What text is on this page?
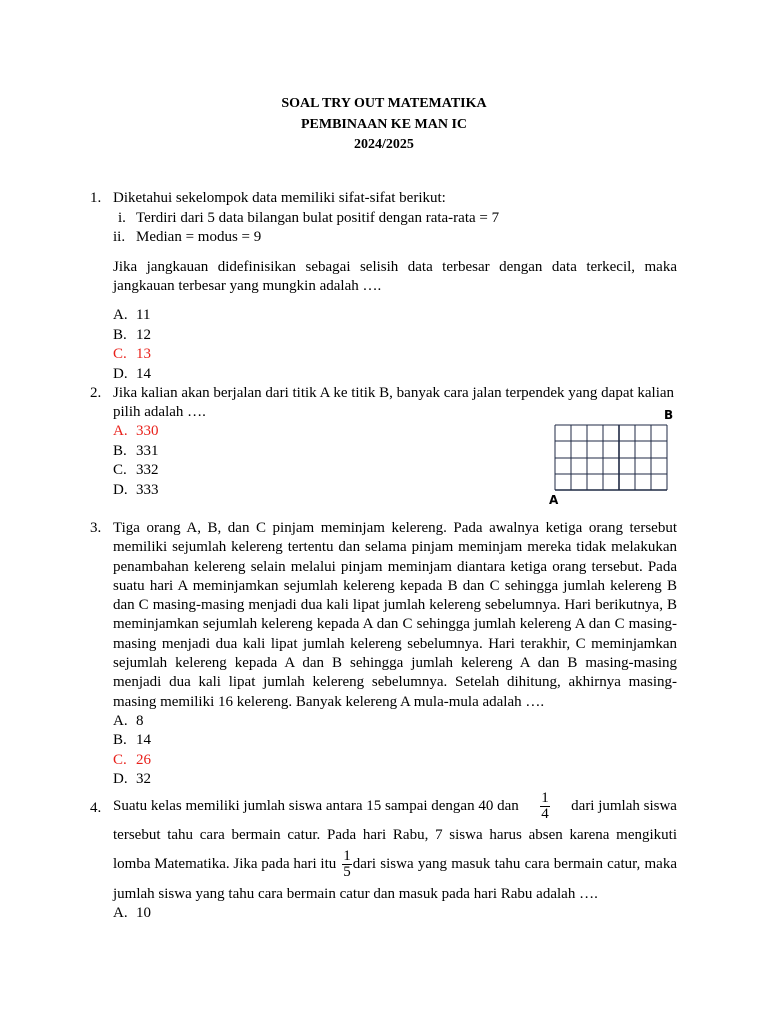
SOAL TRY OUT MATEMATIKA
PEMBINAAN KE MAN IC
2024/2025
1. Diketahui sekelompok data memiliki sifat-sifat berikut:
i. Terdiri dari 5 data bilangan bulat positif dengan rata-rata = 7
ii. Median = modus = 9
Jika jangkauan didefinisikan sebagai selisih data terbesar dengan data terkecil, maka
jangkauan terbesar yang mungkin adalah ….
A. 11
B. 12
C. 13
D. 14
2. Jika kalian akan berjalan dari titik A ke titik B, banyak cara jalan terpendek yang dapat kalian
pilih adalah ….
A. 330
B. 331
C. 332
D. 333
B
A
3. Tiga orang A, B, dan C pinjam meminjam kelereng. Pada awalnya ketiga orang tersebut
memiliki sejumlah kelereng tertentu dan selama pinjam meminjam mereka tidak melakukan
penambahan kelereng selain melalui pinjam meminjam diantara ketiga orang tersebut. Pada
suatu hari A meminjamkan sejumlah kelereng kepada B dan C sehingga jumlah kelereng B
dan C masing-masing menjadi dua kali lipat jumlah kelereng sebelumnya. Hari berikutnya, B
meminjamkan sejumlah kelereng kepada A dan C sehingga jumlah kelereng A dan C masing-
masing menjadi dua kali lipat jumlah kelereng sebelumnya. Hari terakhir, C meminjamkan
sejumlah kelereng kepada A dan B sehingga jumlah kelereng A dan B masing-masing
menjadi dua kali lipat jumlah kelereng sebelumnya. Setelah dihitung, akhirnya masing-
masing memiliki 16 kelereng. Banyak kelereng A mula-mula adalah ….
A. 8
B. 14
C. 26
D. 32
4. Suatu kelas memiliki jumlah siswa antara 15 sampai dengan 40 dan $\frac{1}{4}$ dari jumlah siswa
tersebut tahu cara bermain catur. Pada hari Rabu, 7 siswa harus absen karena mengikuti
lomba Matematika. Jika pada hari itu $\frac{1}{5}$ dari siswa yang masuk tahu cara bermain catur, maka
jumlah siswa yang tahu cara bermain catur dan masuk pada hari Rabu adalah ….
A. 10
